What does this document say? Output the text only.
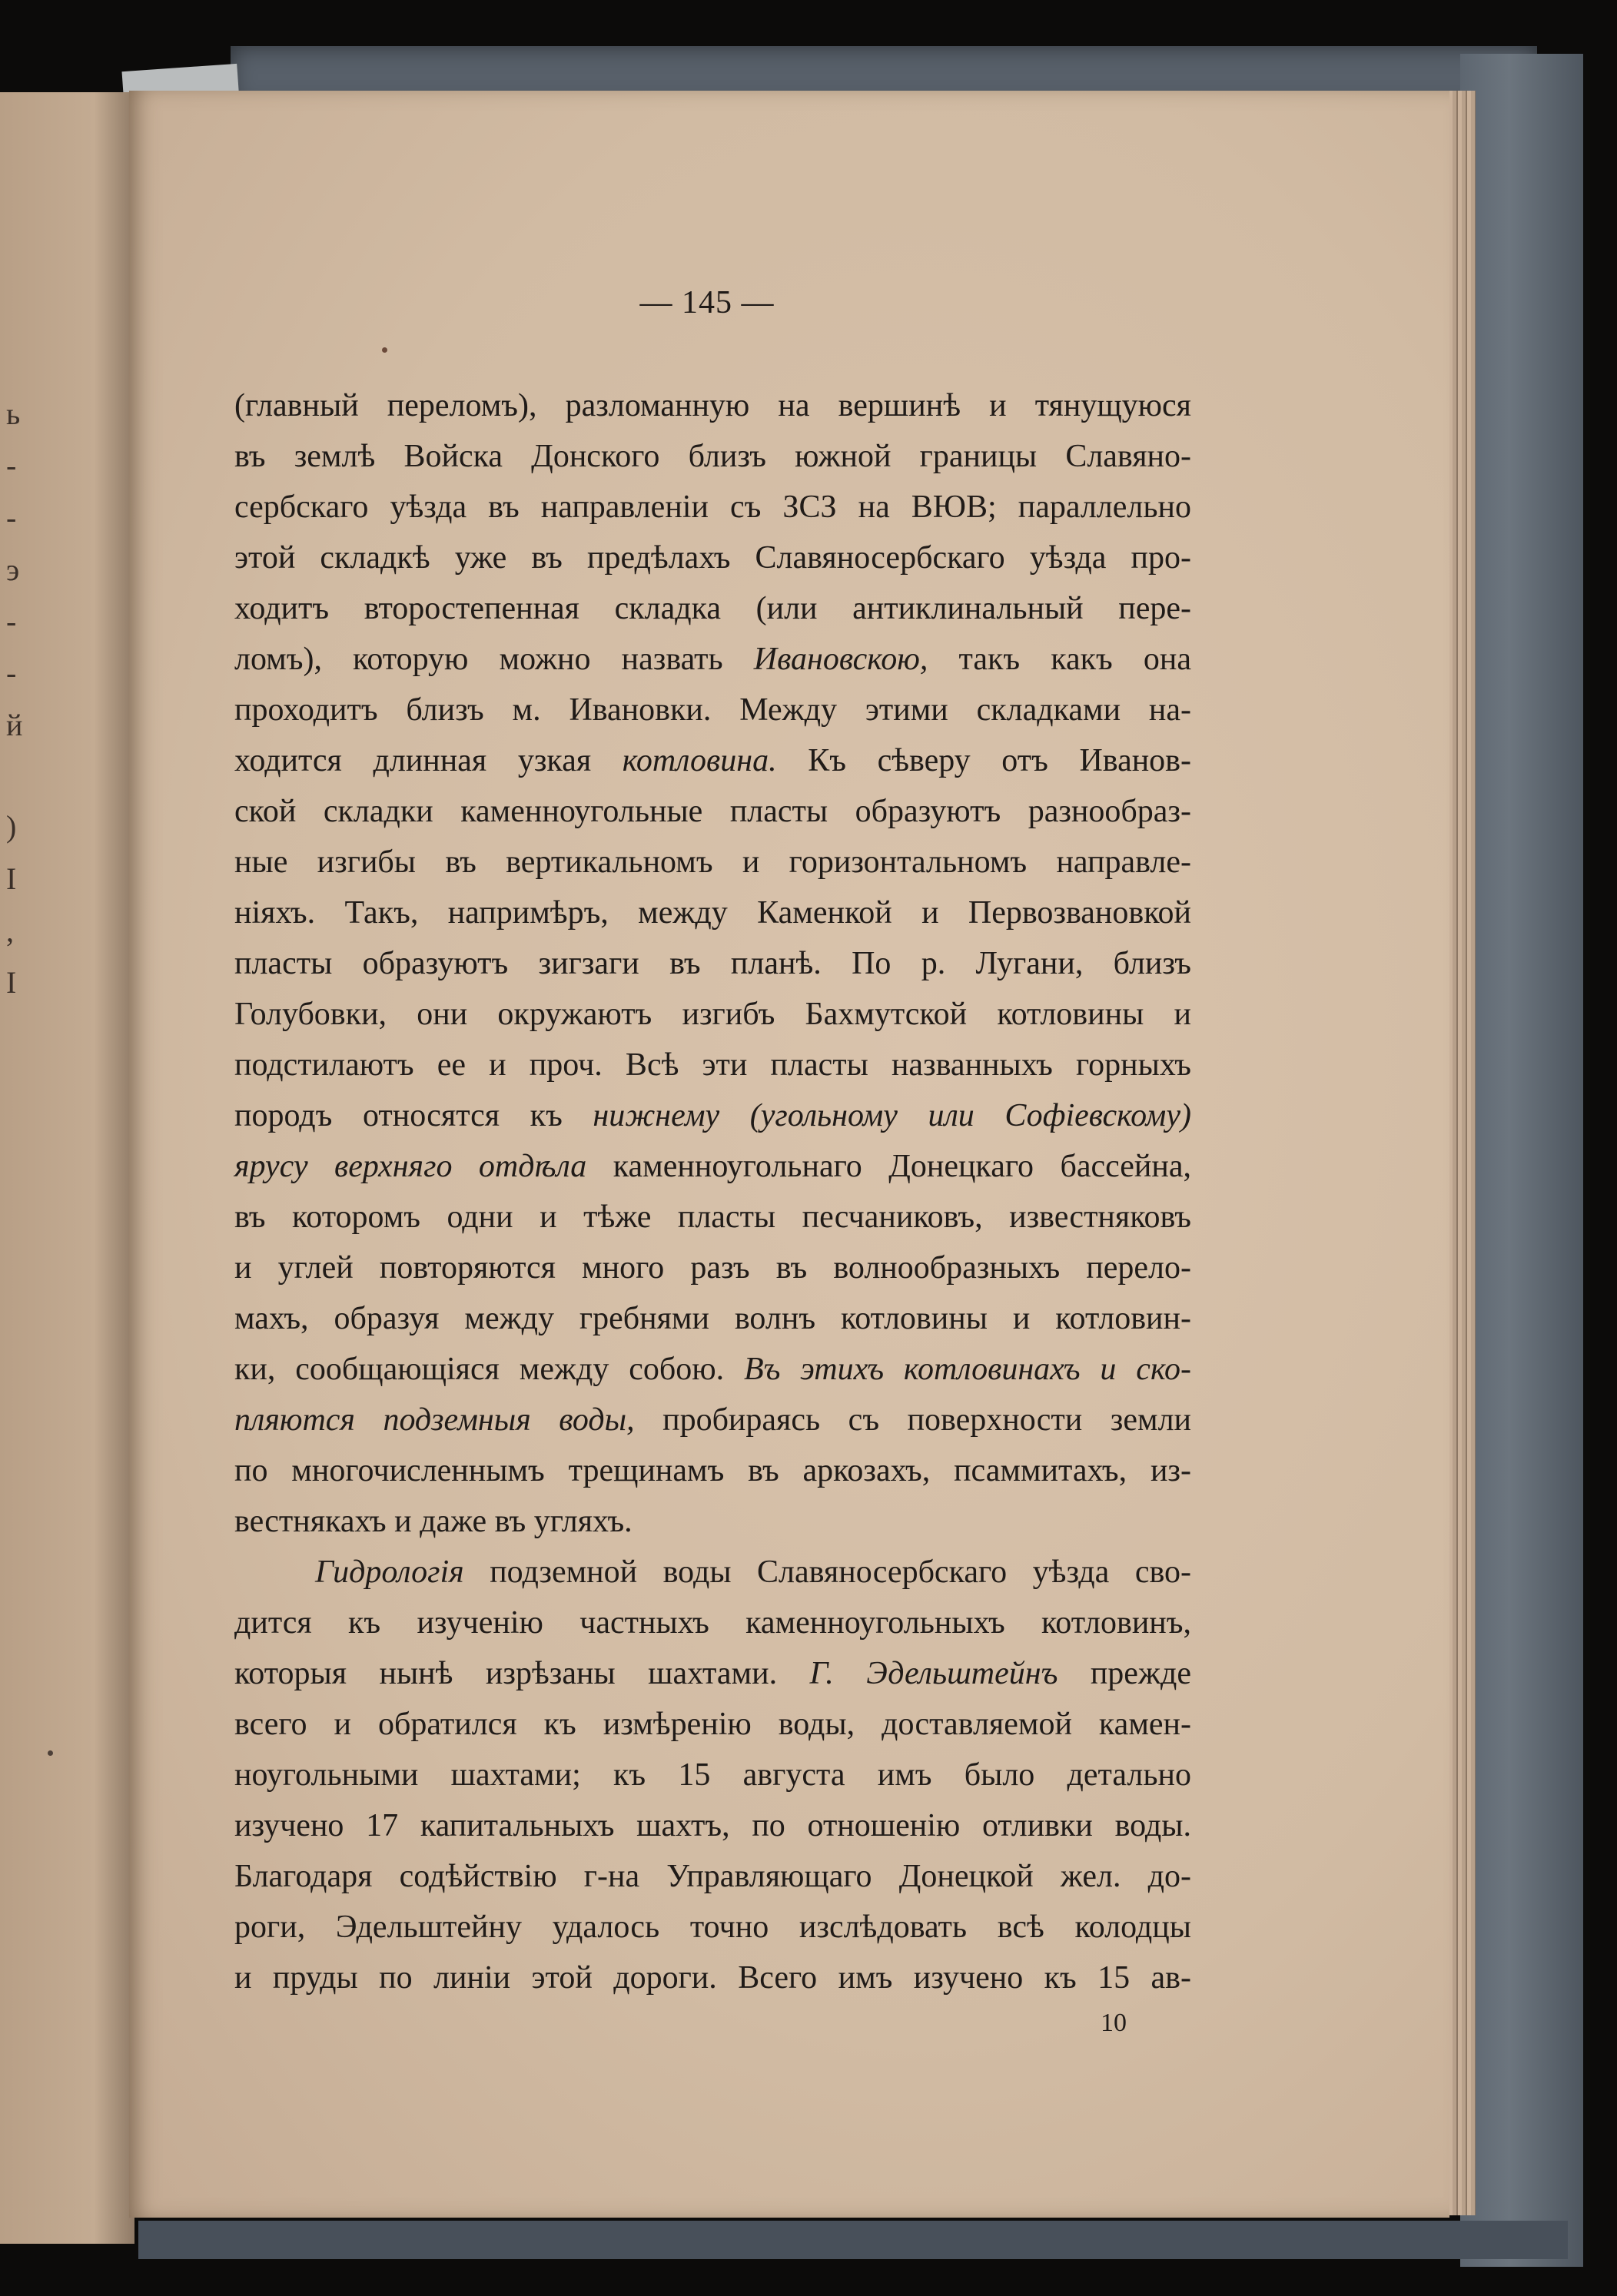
ь
-
-
э
-
-
й
)
I
,
I
— 145 —
(главный переломъ), разломанную на вершинѣ и тянущуюся
въ землѣ Войска Донского близъ южной границы Славяно-
сербскаго уѣзда въ направленіи съ ЗСЗ на ВЮВ; параллельно
этой складкѣ уже въ предѣлахъ Славяносербскаго уѣзда про-
ходитъ второстепенная складка (или антиклинальный пере-
ломъ), которую можно назвать Ивановскою, такъ какъ она
проходитъ близъ м. Ивановки. Между этими складками на-
ходится длинная узкая котловина. Къ сѣверу отъ Иванов-
ской складки каменноугольные пласты образуютъ разнообраз-
ные изгибы въ вертикальномъ и горизонтальномъ направле-
ніяхъ. Такъ, напримѣръ, между Каменкой и Первозвановкой
пласты образуютъ зигзаги въ планѣ. По р. Лугани, близъ
Голубовки, они окружаютъ изгибъ Бахмутской котловины и
подстилаютъ ее и проч. Всѣ эти пласты названныхъ горныхъ
породъ относятся къ нижнему (угольному или Софіевскому)
ярусу верхняго отдѣла каменноугольнаго Донецкаго бассейна,
въ которомъ одни и тѣже пласты песчаниковъ, известняковъ
и углей повторяются много разъ въ волнообразныхъ перело-
махъ, образуя между гребнями волнъ котловины и котловин-
ки, сообщающіяся между собою. Въ этихъ котловинахъ и ско-
пляются подземныя воды, пробираясь съ поверхности земли
по многочисленнымъ трещинамъ въ аркозахъ, псаммитахъ, из-
вестнякахъ и даже въ угляхъ.
Гидрологія подземной воды Славяносербскаго уѣзда сво-
дится къ изученію частныхъ каменноугольныхъ котловинъ,
которыя нынѣ изрѣзаны шахтами. Г. Эдельштейнъ прежде
всего и обратился къ измѣренію воды, доставляемой камен-
ноугольными шахтами; къ 15 августа имъ было детально
изучено 17 капитальныхъ шахтъ, по отношенію отливки воды.
Благодаря содѣйствію г-на Управляющаго Донецкой жел. до-
роги, Эдельштейну удалось точно изслѣдовать всѣ колодцы
и пруды по линіи этой дороги. Всего имъ изучено къ 15 ав-
10
